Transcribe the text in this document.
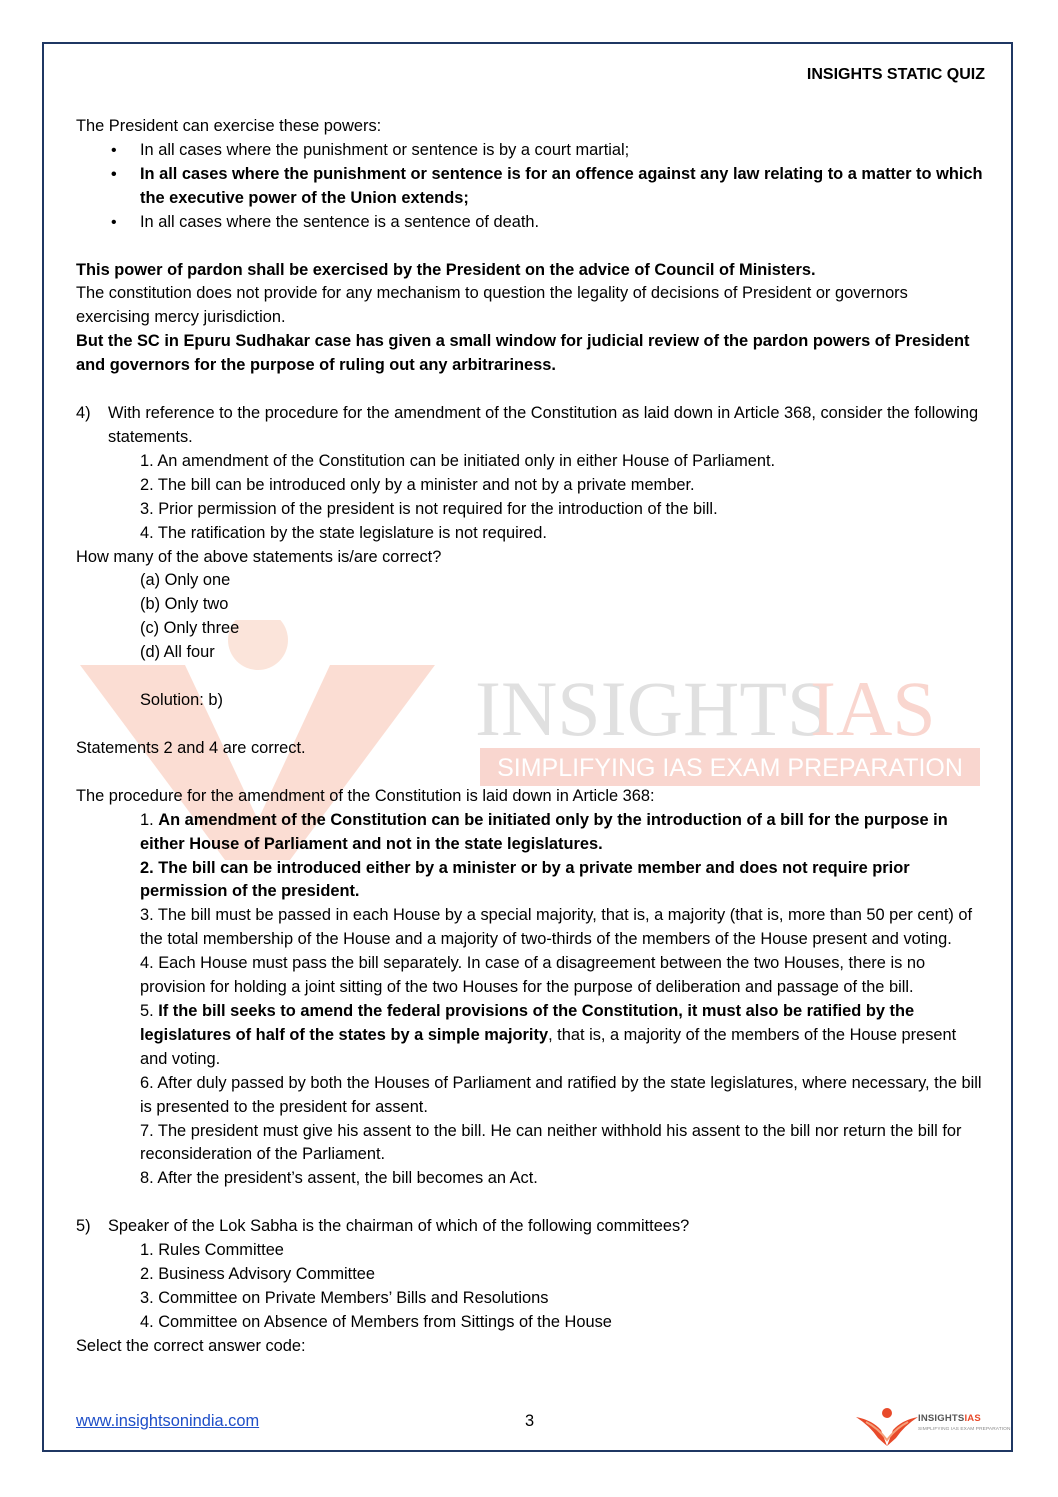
INSIGHTS
IAS
SIMPLIFYING IAS EXAM PREPARATION
INSIGHTS STATIC QUIZ

The President can exercise these powers:

• In all cases where the punishment or sentence is by a court martial;
• In all cases where the punishment or sentence is for an offence against any law relating to a matter to which the executive power of the Union extends;
• In all cases where the sentence is a sentence of death.

This power of pardon shall be exercised by the President on the advice of Council of Ministers.

The constitution does not provide for any mechanism to question the legality of decisions of President or governors exercising mercy jurisdiction.

But the SC in Epuru Sudhakar case has given a small window for judicial review of the pardon powers of President and governors for the purpose of ruling out any arbitrariness.

4) With reference to the procedure for the amendment of the Constitution as laid down in Article 368, consider the following statements.

1. An amendment of the Constitution can be initiated only in either House of Parliament.

2. The bill can be introduced only by a minister and not by a private member.

3. Prior permission of the president is not required for the introduction of the bill.

4. The ratification by the state legislature is not required.

How many of the above statements is/are correct?

(a) Only one

(b) Only two

(c) Only three

(d) All four

Solution: b)

Statements 2 and 4 are correct.

The procedure for the amendment of the Constitution is laid down in Article 368:

1. An amendment of the Constitution can be initiated only by the introduction of a bill for the purpose in either House of Parliament and not in the state legislatures.

2. The bill can be introduced either by a minister or by a private member and does not require prior permission of the president.

3. The bill must be passed in each House by a special majority, that is, a majority (that is, more than 50 per cent) of the total membership of the House and a majority of two-thirds of the members of the House present and voting.

4. Each House must pass the bill separately. In case of a disagreement between the two Houses, there is no provision for holding a joint sitting of the two Houses for the purpose of deliberation and passage of the bill.

5. If the bill seeks to amend the federal provisions of the Constitution, it must also be ratified by the legislatures of half of the states by a simple majority, that is, a majority of the members of the House present and voting.

6. After duly passed by both the Houses of Parliament and ratified by the state legislatures, where necessary, the bill is presented to the president for assent.

7. The president must give his assent to the bill. He can neither withhold his assent to the bill nor return the bill for reconsideration of the Parliament.

8. After the president’s assent, the bill becomes an Act.

5) Speaker of the Lok Sabha is the chairman of which of the following committees?

1. Rules Committee

2. Business Advisory Committee

3. Committee on Private Members’ Bills and Resolutions

4. Committee on Absence of Members from Sittings of the House

Select the correct answer code:

www.insightsonindia.com	3	INSIGHTSIAS
SIMPLIFYING IAS EXAM PREPARATION
